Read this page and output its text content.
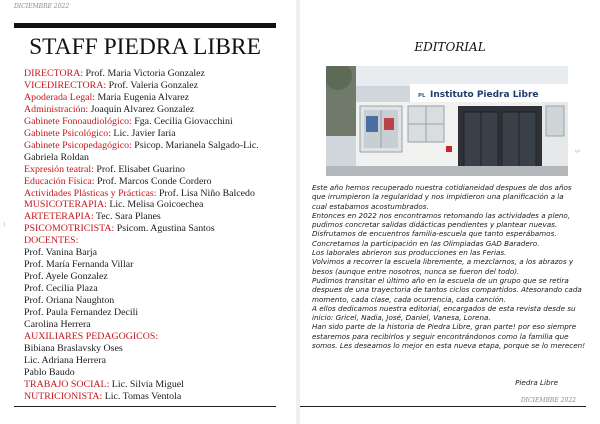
DICIEMBRE 2022
STAFF PIEDRA LIBRE
1
DIRECTORA: Prof. Maria Victoria Gonzalez
VICEDIRECTORA: Prof. Valeria Gonzalez
Apoderada Legal: Maria Eugenia Alvarez
Administración: Joaquin Alvarez Gonzalez
Gabinete Fonoaudiológico: Fga. Cecilia Giovacchini
Gabinete Psicológico: Lic. Javier Iaria
Gabinete Psicopedagógico: Psicop. Marianela Salgado-Lic.
Gabriela Roldan
Expresión teatral: Prof. Elisabet Guarino
Educación Física: Prof. Marcos Conde Cordero
Actividades Plásticas y Prácticas: Prof. Lisa Niño Balcedo
MUSICOTERAPIA: Lic. Melisa Goicoechea
ARTETERAPIA: Tec. Sara Planes
PSICOMOTRICISTA: Psicom. Agustina Santos
DOCENTES:
Prof. Vanina Barja
Prof. María Fernanda Villar
Prof. Ayele Gonzalez
Prof. Cecilia Plaza
Prof. Oriana Naughton
Prof. Paula Fernandez Decili
Carolina Herrera
AUXILIARES PEDAGOGICOS:
Bibiana Braslavsky Oses
Lic. Adriana Herrera
Pablo Baudo
TRABAJO SOCIAL: Lic. Silvia Miguel
NUTRICIONISTA: Lic. Tomas Ventola
EDITORIAL
PL Instituto Piedra Libre
ipl
Este año hemos recuperado nuestra cotidianeidad despues de dos años
que irrumpieron la regularidad y nos impidieron una planificación a la
cual estabamos acostumbrados.
Entonces en 2022 nos encontramos retomando las actividades a pleno,
pudimos concretar salidas didácticas pendientes y plantear nuevas.
Disfrutamos de encuentros familia-escuela que tanto esperábamos.
Concretamos la participación en las Olimpiadas GAD Baradero.
Los laborales abrieron sus producciones en las Ferias.
Volvimos a recorrer la escuela libremente, a mezclarnos, a los abrazos y
besos (aunque entre nosotros, nunca se fueron del todo).
Pudimos transitar el último año en la escuela de un grupo que se retira
despues de una trayectoria de tantos ciclos compartidos. Atesorando cada
momento, cada clase, cada ocurrencia, cada canción.
A ellos dedicamos nuestra editorial, encargados de esta revista desde su
inicio: Gricel, Nadia, José, Daniel, Vanesa, Lorena.
Han sido parte de la historia de Piedra Libre, gran parte! por eso siempre
estaremos para recibirlos y seguir encontrándonos como la familia que
somos. Les deseamos lo mejor en esta nueva etapa, porque se lo merecen!
Piedra Libre
DICIEMBRE 2022
